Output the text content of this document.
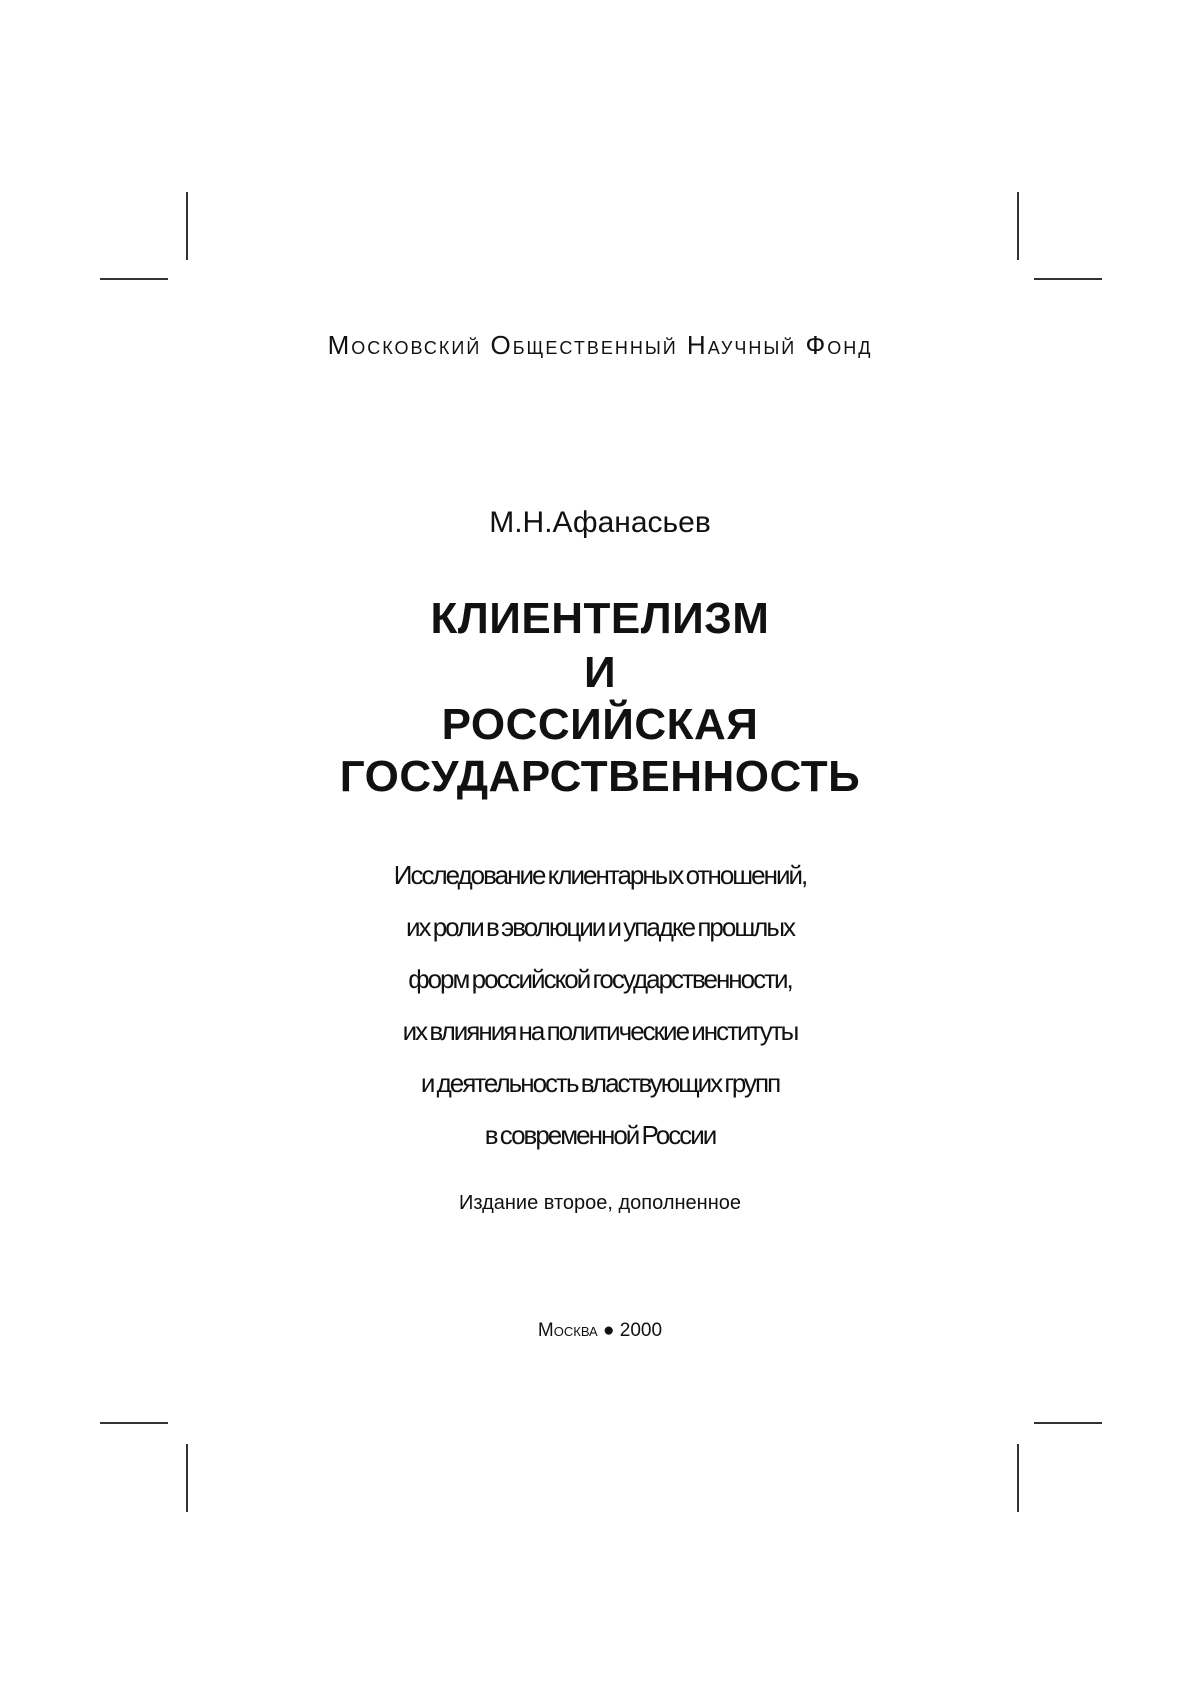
Московский Общественный Научный Фонд
М.Н.Афанасьев
КЛИЕНТЕЛИЗМ
И
РОССИЙСКАЯ
ГОСУДАРСТВЕННОСТЬ
Исследование клиентарных отношений,
их роли в эволюции и упадке прошлых
форм российской государственности,
их влияния на политические институты
и деятельность властвующих групп
в современной России
Издание второе, дополненное
Москва ● 2000
